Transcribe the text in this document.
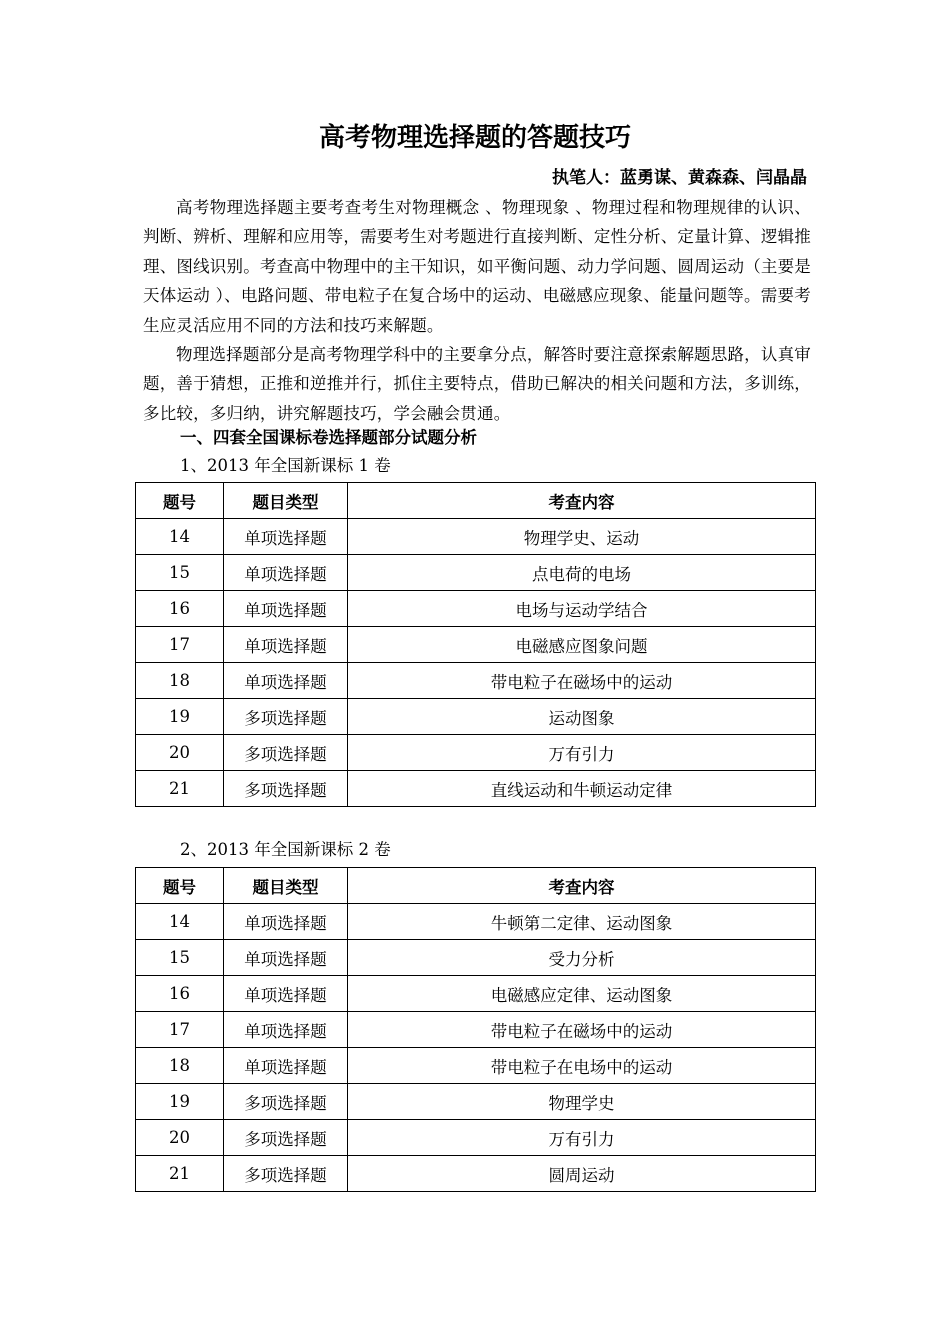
高考物理选择题的答题技巧
执笔人：蓝勇谋、黄森森、闫晶晶

高考物理选择题主要考查考生对物理概念 、物理现象 、物理过程和物理规律的认识、判断、辨析、理解和应用等，需要考生对考题进行直接判断、定性分析、定量计算、逻辑推理、图线识别。考查高中物理中的主干知识，如平衡问题、动力学问题、圆周运动（主要是天体运动 ）、电路问题、带电粒子在复合场中的运动、电磁感应现象、能量问题等。需要考生应灵活应用不同的方法和技巧来解题。

物理选择题部分是高考物理学科中的主要拿分点，解答时要注意探索解题思路，认真审题，善于猜想，正推和逆推并行，抓住主要特点，借助已解决的相关问题和方法，多训练，多比较，多归纳，讲究解题技巧，学会融会贯通。

一、四套全国课标卷选择题部分试题分析
1、2013 年全国新课标 1 卷
题号	题目类型	考查内容
14	单项选择题	物理学史、运动
15	单项选择题	点电荷的电场
16	单项选择题	电场与运动学结合
17	单项选择题	电磁感应图象问题
18	单项选择题	带电粒子在磁场中的运动
19	多项选择题	运动图象
20	多项选择题	万有引力
21	多项选择题	直线运动和牛顿运动定律
2、2013 年全国新课标 2 卷
题号	题目类型	考查内容
14	单项选择题	牛顿第二定律、运动图象
15	单项选择题	受力分析
16	单项选择题	电磁感应定律、运动图象
17	单项选择题	带电粒子在磁场中的运动
18	单项选择题	带电粒子在电场中的运动
19	多项选择题	物理学史
20	多项选择题	万有引力
21	多项选择题	圆周运动
